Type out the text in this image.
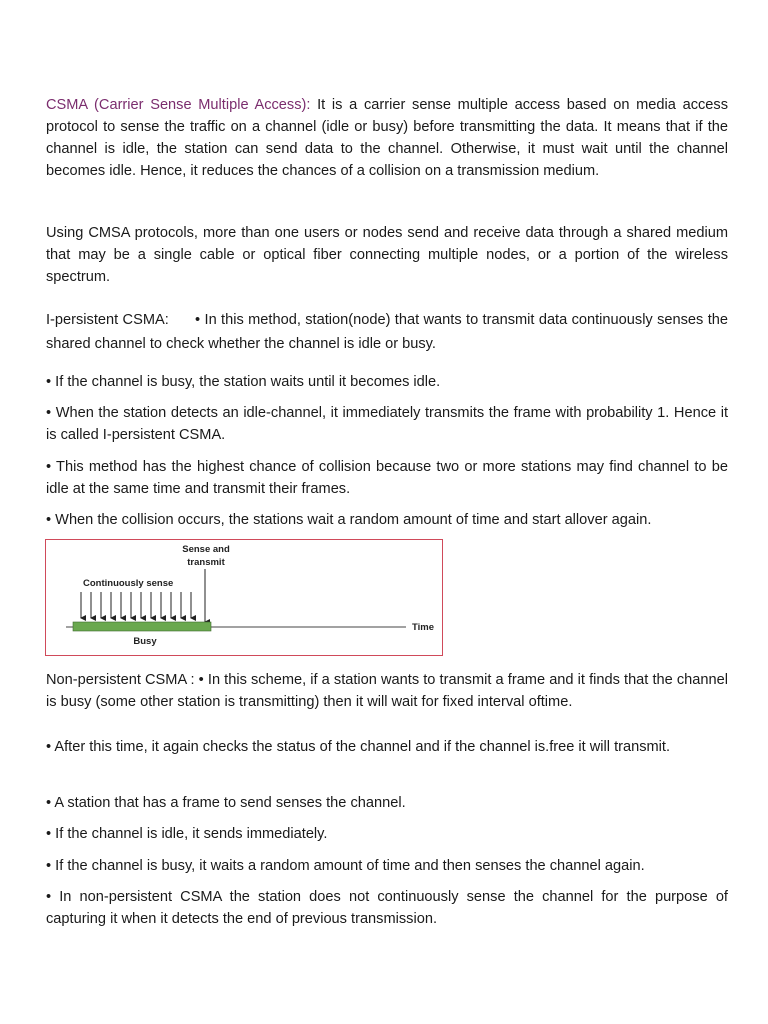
CSMA (Carrier Sense Multiple Access): It is a carrier sense multiple access based on media access protocol to sense the traffic on a channel (idle or busy) before transmitting the data. It means that if the channel is idle, the station can send data to the channel. Otherwise, it must wait until the channel becomes idle. Hence, it reduces the chances of a collision on a transmission medium.

Using CMSA protocols, more than one users or nodes send and receive data through a shared medium that may be a single cable or optical fiber connecting multiple nodes, or a portion of the wireless spectrum.

I-persistent CSMA: • In this method, station(node) that wants to transmit data continuously senses the shared channel to check whether the channel is idle or busy.

• If the channel is busy, the station waits until it becomes idle.

• When the station detects an idle-channel, it immediately transmits the frame with probability 1. Hence it is called I-persistent CSMA.

• This method has the highest chance of collision because two or more stations may find channel to be idle at the same time and transmit their frames.

• When the collision occurs, the stations wait a random amount of time and start allover again.

Sense and
transmit
Continuously sense
Busy
Time

Non-persistent CSMA : • In this scheme, if a station wants to transmit a frame and it finds that the channel is busy (some other station is transmitting) then it will wait for fixed interval oftime.

• After this time, it again checks the status of the channel and if the channel is.free it will transmit.

• A station that has a frame to send senses the channel.

• If the channel is idle, it sends immediately.

• If the channel is busy, it waits a random amount of time and then senses the channel again.

• In non-persistent CSMA the station does not continuously sense the channel for the purpose of capturing it when it detects the end of previous transmission.
